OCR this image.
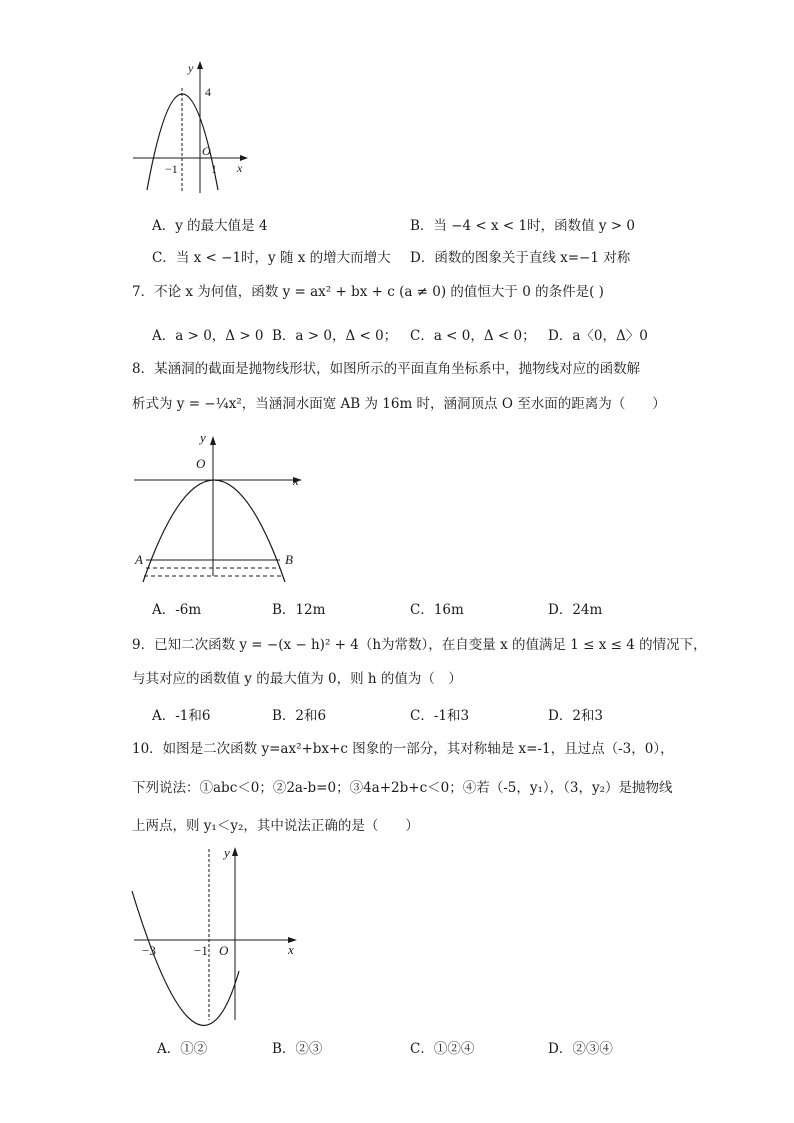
y
x
4
−1
O
1
A．y 的最大值是 4	B．当 −4 < x < 1时，函数值 y > 0
C．当 x < −1时，y 随 x 的增大而增大 D．函数的图象关于直线 x=−1 对称
7．不论 x 为何值，函数 y = ax² + bx + c (a ≠ 0) 的值恒大于 0 的条件是( )
A．a > 0，Δ > 0 B．a > 0，Δ < 0； C．a < 0，Δ < 0； D．a〈0，Δ〉0
8．某涵洞的截面是抛物线形状，如图所示的平面直角坐标系中，抛物线对应的函数解
析式为 y = −¼x²，当涵洞水面宽 AB 为 16m 时，涵洞顶点 O 至水面的距离为（　　）
y
x
O
A	B
A．-6m	B．12m	C．16m	D．24m
9．已知二次函数 y = −(x − h)² + 4（h为常数），在自变量 x 的值满足 1 ≤ x ≤ 4 的情况下，
与其对应的函数值 y 的最大值为 0，则 h 的值为（　）
A．-1和6	B．2和6	C．-1和3	D．2和3
10．如图是二次函数 y=ax²+bx+c 图象的一部分，其对称轴是 x=-1，且过点（-3，0），
下列说法：①abc＜0；②2a-b=0；③4a+2b+c＜0；④若（-5，y₁），（3，y₂）是抛物线
上两点，则 y₁＜y₂，其中说法正确的是（　　）
y
x
−3	−1 O
A．①②	B．②③	C．①②④	D．②③④
